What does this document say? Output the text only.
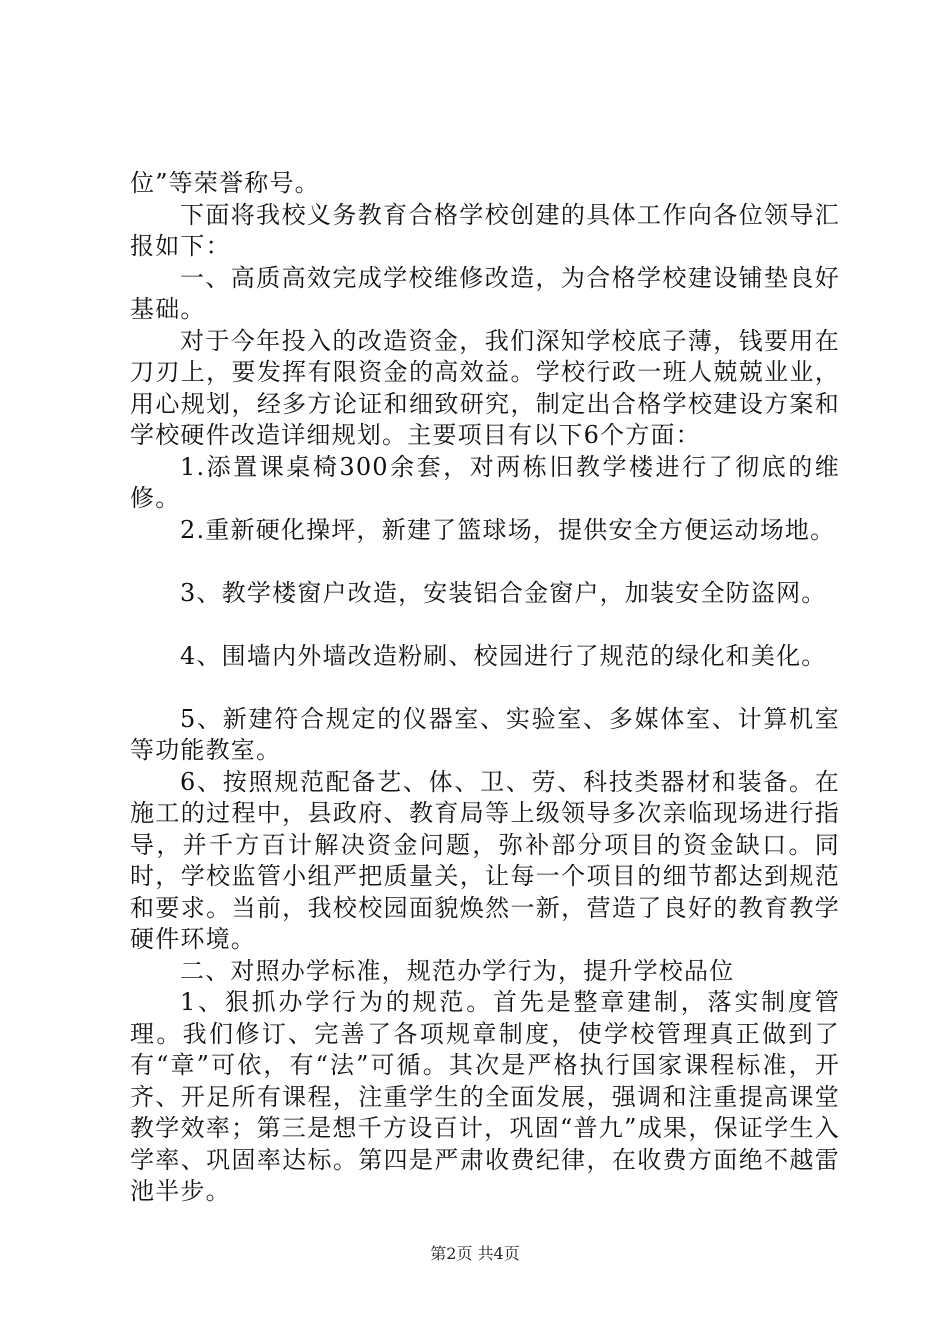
位”等荣誉称号。

下面将我校义务教育合格学校创建的具体工作向各位领导汇报如下：

一、高质高效完成学校维修改造，为合格学校建设铺垫良好基础。

对于今年投入的改造资金，我们深知学校底子薄，钱要用在刀刃上，要发挥有限资金的高效益。学校行政一班人兢兢业业，用心规划，经多方论证和细致研究，制定出合格学校建设方案和学校硬件改造详细规划。主要项目有以下6个方面：

1.添置课桌椅300余套，对两栋旧教学楼进行了彻底的维修。

2.重新硬化操坪，新建了篮球场，提供安全方便运动场地。

3、教学楼窗户改造，安装铝合金窗户，加装安全防盗网。

4、围墙内外墙改造粉刷、校园进行了规范的绿化和美化。

5、新建符合规定的仪器室、实验室、多媒体室、计算机室等功能教室。

6、按照规范配备艺、体、卫、劳、科技类器材和装备。在施工的过程中，县政府、教育局等上级领导多次亲临现场进行指导，并千方百计解决资金问题，弥补部分项目的资金缺口。同时，学校监管小组严把质量关，让每一个项目的细节都达到规范和要求。当前，我校校园面貌焕然一新，营造了良好的教育教学硬件环境。

二、对照办学标准，规范办学行为，提升学校品位

1、狠抓办学行为的规范。首先是整章建制，落实制度管理。我们修订、完善了各项规章制度，使学校管理真正做到了有“章”可依，有“法”可循。其次是严格执行国家课程标准，开齐、开足所有课程，注重学生的全面发展，强调和注重提高课堂教学效率；第三是想千方设百计，巩固“普九”成果，保证学生入学率、巩固率达标。第四是严肃收费纪律，在收费方面绝不越雷池半步。

第2页 共4页
